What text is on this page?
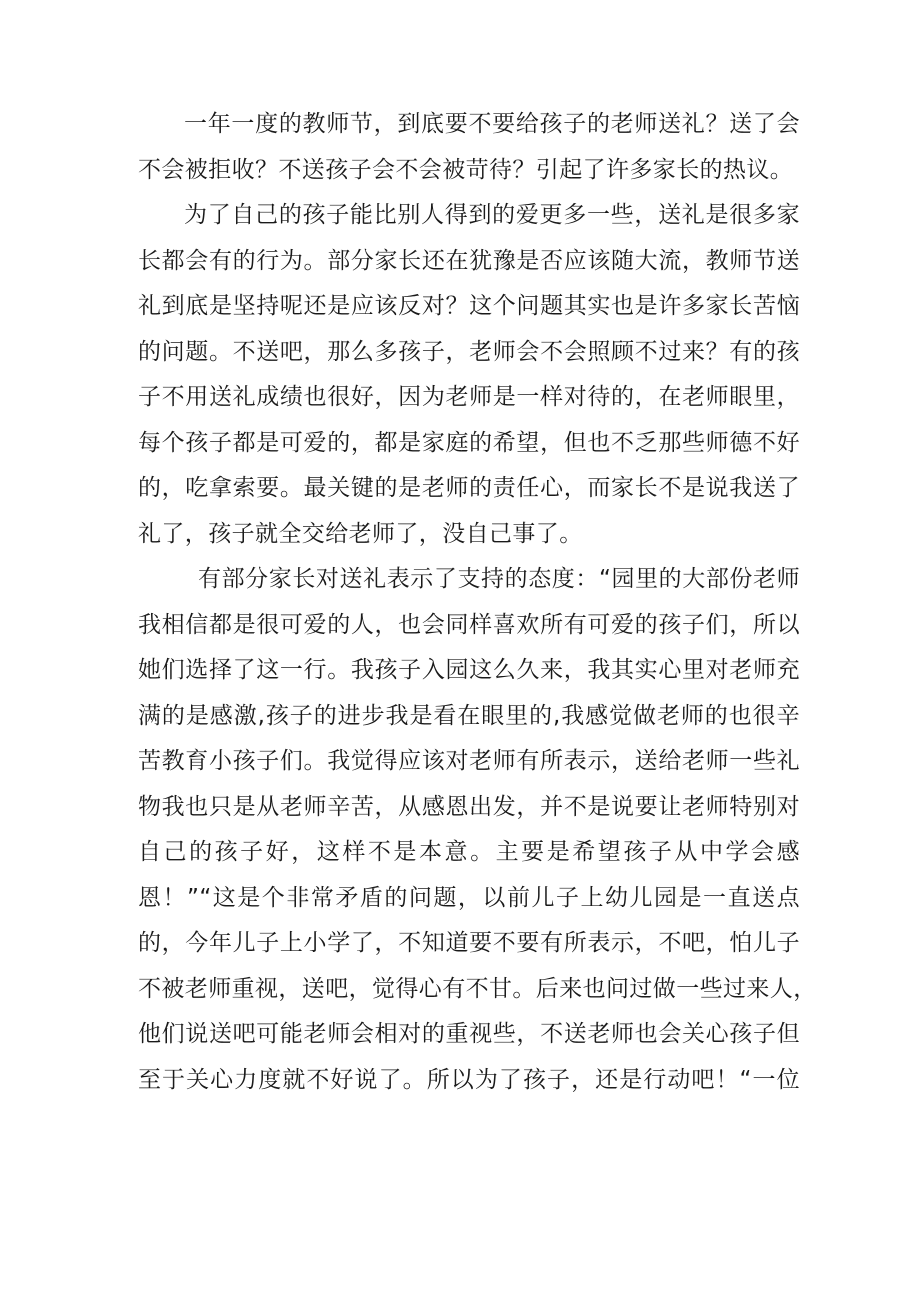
一年一度的教师节，到底要不要给孩子的老师送礼？送了会
不会被拒收？不送孩子会不会被苛待？引起了许多家长的热议。
为了自己的孩子能比别人得到的爱更多一些，送礼是很多家
长都会有的行为。部分家长还在犹豫是否应该随大流，教师节送
礼到底是坚持呢还是应该反对？这个问题其实也是许多家长苦恼
的问题。不送吧，那么多孩子，老师会不会照顾不过来？有的孩
子不用送礼成绩也很好，因为老师是一样对待的，在老师眼里，
每个孩子都是可爱的，都是家庭的希望，但也不乏那些师德不好
的，吃拿索要。最关键的是老师的责任心，而家长不是说我送了
礼了，孩子就全交给老师了，没自己事了。
有部分家长对送礼表示了支持的态度：“园里的大部份老师
我相信都是很可爱的人，也会同样喜欢所有可爱的孩子们，所以
她们选择了这一行。我孩子入园这么久来，我其实心里对老师充
满的是感激,孩子的进步我是看在眼里的,我感觉做老师的也很辛
苦教育小孩子们。我觉得应该对老师有所表示，送给老师一些礼
物我也只是从老师辛苦，从感恩出发，并不是说要让老师特别对
自己的孩子好，这样不是本意。主要是希望孩子从中学会感
恩！”“这是个非常矛盾的问题，以前儿子上幼儿园是一直送点
的，今年儿子上小学了，不知道要不要有所表示，不吧，怕儿子
不被老师重视，送吧，觉得心有不甘。后来也问过做一些过来人，
他们说送吧可能老师会相对的重视些，不送老师也会关心孩子但
至于关心力度就不好说了。所以为了孩子，还是行动吧！“一位
